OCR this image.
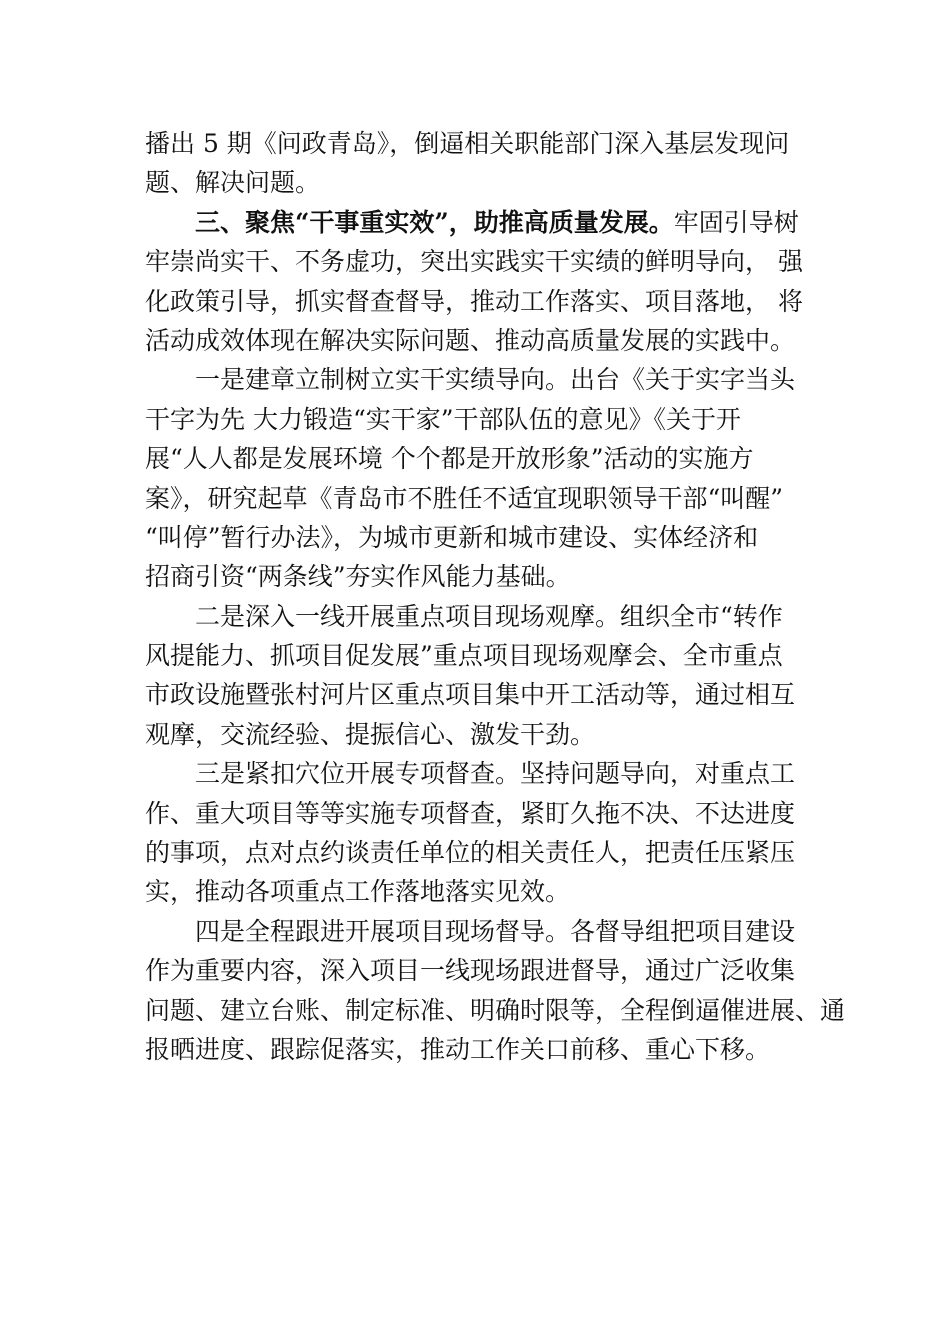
播出 5 期《问政青岛》，倒逼相关职能部门深入基层发现问
题、解决问题。
三、聚焦“干事重实效”，助推高质量发展。牢固引导树
牢崇尚实干、不务虚功，突出实践实干实绩的鲜明导向， 强
化政策引导，抓实督查督导，推动工作落实、项目落地， 将
活动成效体现在解决实际问题、推动高质量发展的实践中。
一是建章立制树立实干实绩导向。出台《关于实字当头
干字为先 大力锻造“实干家”干部队伍的意见》《关于开
展“人人都是发展环境 个个都是开放形象”活动的实施方
案》，研究起草《青岛市不胜任不适宜现职领导干部“叫醒”
“叫停”暂行办法》，为城市更新和城市建设、实体经济和
招商引资“两条线”夯实作风能力基础。
二是深入一线开展重点项目现场观摩。组织全市“转作
风提能力、抓项目促发展”重点项目现场观摩会、全市重点
市政设施暨张村河片区重点项目集中开工活动等，通过相互
观摩，交流经验、提振信心、激发干劲。
三是紧扣穴位开展专项督查。坚持问题导向，对重点工
作、重大项目等等实施专项督查，紧盯久拖不决、不达进度
的事项，点对点约谈责任单位的相关责任人，把责任压紧压
实，推动各项重点工作落地落实见效。
四是全程跟进开展项目现场督导。各督导组把项目建设
作为重要内容，深入项目一线现场跟进督导，通过广泛收集
问题、建立台账、制定标准、明确时限等，全程倒逼催进展、通
报晒进度、跟踪促落实，推动工作关口前移、重心下移。
